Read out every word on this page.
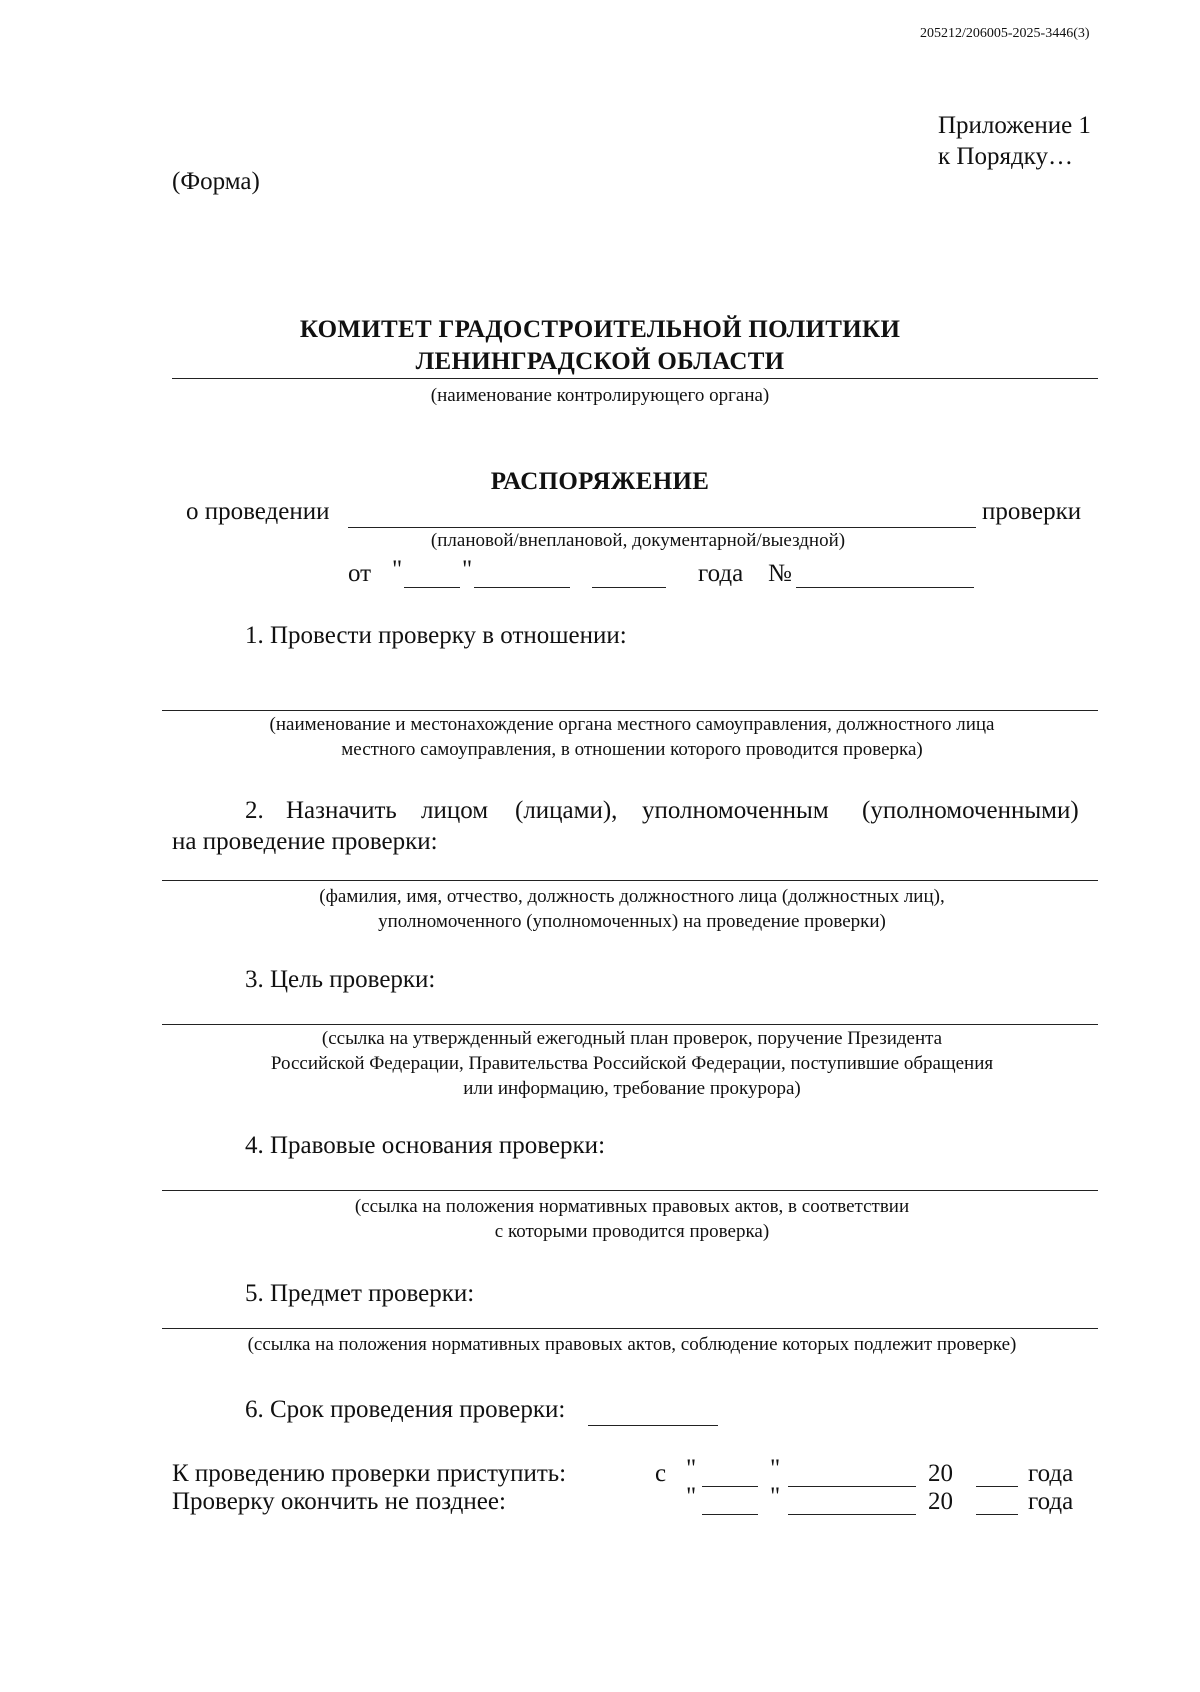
205212/206005-2025-3446(3)
Приложение 1
к Порядку…
(Форма)
КОМИТЕТ ГРАДОСТРОИТЕЛЬНОЙ ПОЛИТИКИ
ЛЕНИНГРАДСКОЙ ОБЛАСТИ
(наименование контролирующего органа)
РАСПОРЯЖЕНИЕ
о проведении	проверки
(плановой/внеплановой, документарной/выездной)
от " "	года №
1. Провести проверку в отношении:
(наименование и местонахождение органа местного самоуправления, должностного лица
местного самоуправления, в отношении которого проводится проверка)
2. Назначить лицом (лицами), уполномоченным (уполномоченными)
на проведение проверки:
(фамилия, имя, отчество, должность должностного лица (должностных лиц),
уполномоченного (уполномоченных) на проведение проверки)
3. Цель проверки:
(ссылка на утвержденный ежегодный план проверок, поручение Президента
Российской Федерации, Правительства Российской Федерации, поступившие обращения
или информацию, требование прокурора)
4. Правовые основания проверки:
(ссылка на положения нормативных правовых актов, в соответствии
с которыми проводится проверка)
5. Предмет проверки:
(ссылка на положения нормативных правовых актов, соблюдение которых подлежит проверке)
6. Срок проведения проверки:
К проведению проверки приступить:	с "	"	20	года
Проверку окончить не позднее:	"	"	20	года
